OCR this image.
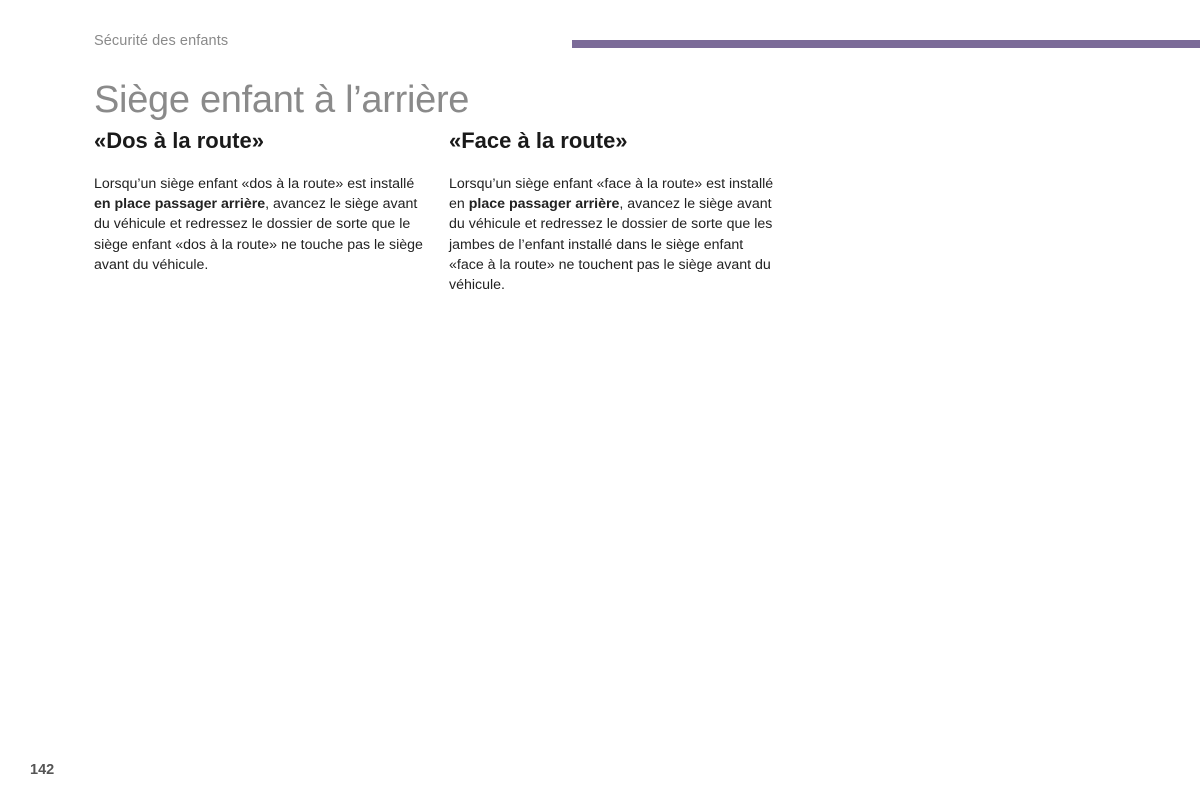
Sécurité des enfants
Siège enfant à l’arrière
«Dos à la route»

Lorsqu’un siège enfant «dos à la route» est installé en place passager arrière, avancez le siège avant du véhicule et redressez le dossier de sorte que le siège enfant «dos à la route» ne touche pas le siège avant du véhicule.

«Face à la route»

Lorsqu’un siège enfant «face à la route» est installé en place passager arrière, avancez le siège avant du véhicule et redressez le dossier de sorte que les jambes de l’enfant installé dans le siège enfant «face à la route» ne touchent pas le siège avant du véhicule.

142
